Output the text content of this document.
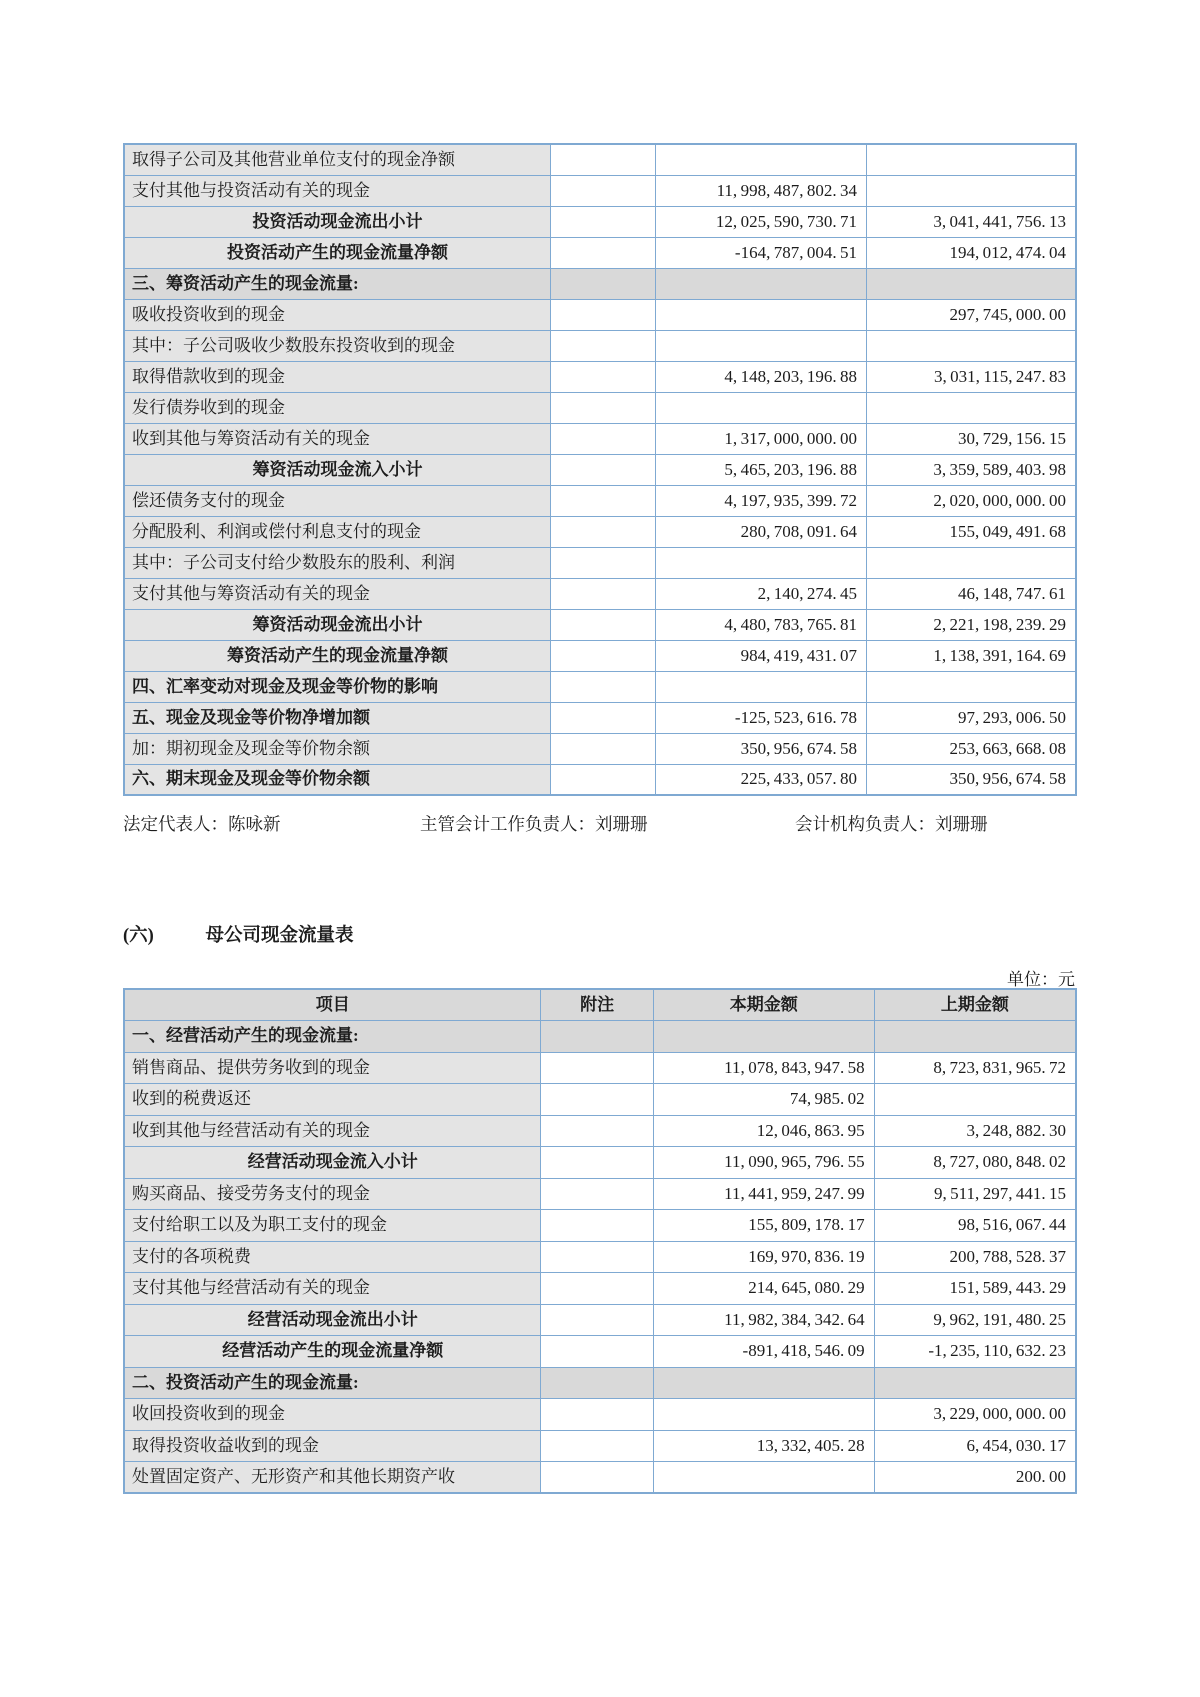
取得子公司及其他营业单位支付的现金净额			
支付其他与投资活动有关的现金		11, 998, 487, 802. 34	
投资活动现金流出小计		12, 025, 590, 730. 71	3, 041, 441, 756. 13
投资活动产生的现金流量净额		-164, 787, 004. 51	194, 012, 474. 04
三、筹资活动产生的现金流量:			
吸收投资收到的现金			297, 745, 000. 00
其中：子公司吸收少数股东投资收到的现金			
取得借款收到的现金		4, 148, 203, 196. 88	3, 031, 115, 247. 83
发行债券收到的现金			
收到其他与筹资活动有关的现金		1, 317, 000, 000. 00	30, 729, 156. 15
筹资活动现金流入小计		5, 465, 203, 196. 88	3, 359, 589, 403. 98
偿还债务支付的现金		4, 197, 935, 399. 72	2, 020, 000, 000. 00
分配股利、利润或偿付利息支付的现金		280, 708, 091. 64	155, 049, 491. 68
其中：子公司支付给少数股东的股利、利润			
支付其他与筹资活动有关的现金		2, 140, 274. 45	46, 148, 747. 61
筹资活动现金流出小计		4, 480, 783, 765. 81	2, 221, 198, 239. 29
筹资活动产生的现金流量净额		984, 419, 431. 07	1, 138, 391, 164. 69
四、汇率变动对现金及现金等价物的影响			
五、现金及现金等价物净增加额		-125, 523, 616. 78	97, 293, 006. 50
加：期初现金及现金等价物余额		350, 956, 674. 58	253, 663, 668. 08
六、期末现金及现金等价物余额		225, 433, 057. 80	350, 956, 674. 58
法定代表人：陈咏新	主管会计工作负责人：刘珊珊	会计机构负责人：刘珊珊
(六)	母公司现金流量表
单位：元
项目	附注	本期金额	上期金额
一、经营活动产生的现金流量:			
销售商品、提供劳务收到的现金		11, 078, 843, 947. 58	8, 723, 831, 965. 72
收到的税费返还		74, 985. 02	
收到其他与经营活动有关的现金		12, 046, 863. 95	3, 248, 882. 30
经营活动现金流入小计		11, 090, 965, 796. 55	8, 727, 080, 848. 02
购买商品、接受劳务支付的现金		11, 441, 959, 247. 99	9, 511, 297, 441. 15
支付给职工以及为职工支付的现金		155, 809, 178. 17	98, 516, 067. 44
支付的各项税费		169, 970, 836. 19	200, 788, 528. 37
支付其他与经营活动有关的现金		214, 645, 080. 29	151, 589, 443. 29
经营活动现金流出小计		11, 982, 384, 342. 64	9, 962, 191, 480. 25
经营活动产生的现金流量净额		-891, 418, 546. 09	-1, 235, 110, 632. 23
二、投资活动产生的现金流量:			
收回投资收到的现金			3, 229, 000, 000. 00
取得投资收益收到的现金		13, 332, 405. 28	6, 454, 030. 17
处置固定资产、无形资产和其他长期资产收			200. 00
